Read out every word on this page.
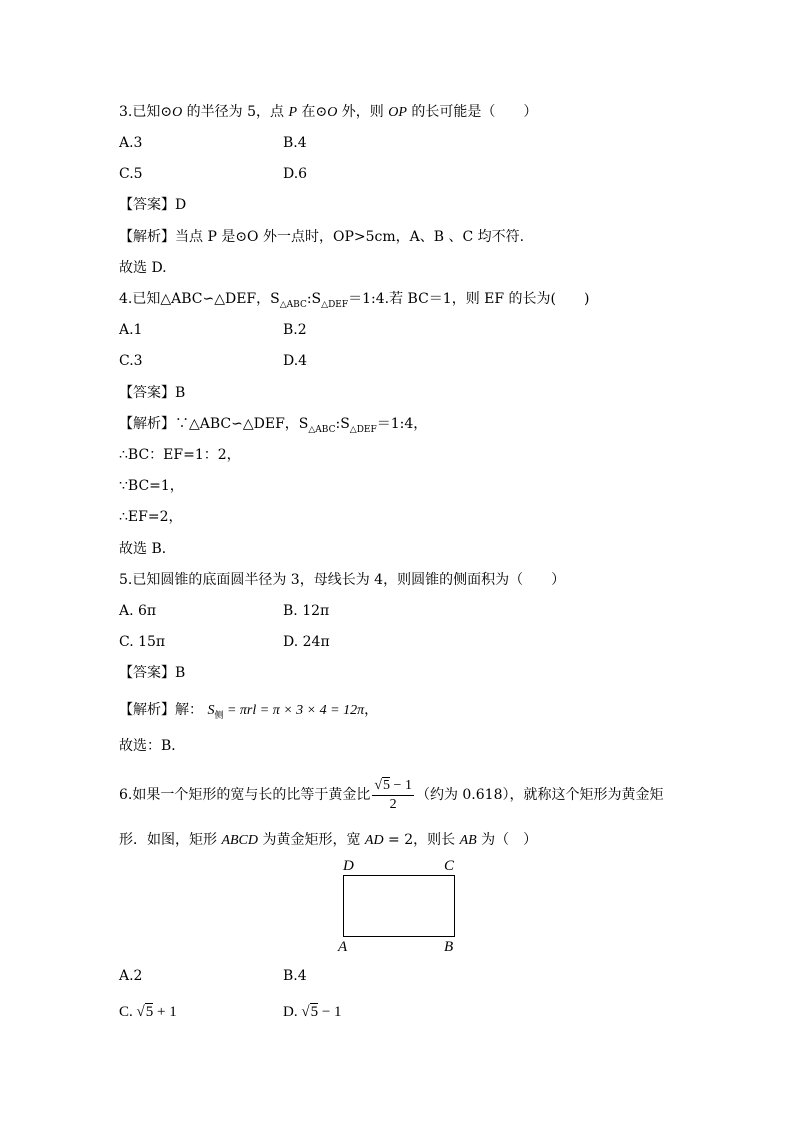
3.已知⊙O 的半径为 5，点 P 在⊙O 外，则 OP 的长可能是（　　）
A.3	B.4
C.5	D.6
【答案】D
【解析】当点 P 是⊙O 外一点时，OP>5cm，A、B 、C 均不符.
故选 D.
4.已知△ABC∽△DEF，$S_{\triangle ABC}:S_{\triangle DEF}=1:4$.若 BC＝1，则 EF 的长为(　　)
A.1	B.2
C.3	D.4
【答案】B
【解析】∵△ABC∽△DEF，$S_{\triangle ABC}:S_{\triangle DEF}=1:4$，
∴BC：EF=1：2，
∵BC=1，
∴EF=2，
故选 B．
5.已知圆锥的底面圆半径为 3，母线长为 4，则圆锥的侧面积为（　　）
A. 6π	B. 12π
C. 15π	D. 24π
【答案】B
【解析】解： $S_侧 = \pi rl = \pi \times 3 \times 4 = 12\pi$，
故选：B．
6.如果一个矩形的宽与长的比等于黄金比 $\frac{√5 - 1}{2}$ （约为 0.618），就称这个矩形为黄金矩
形．如图，矩形 ABCD 为黄金矩形，宽 AD = 2，则长 AB 为（　）
D	C
A	B
A.2	B.4
C. √5 + 1	D. √5 − 1
